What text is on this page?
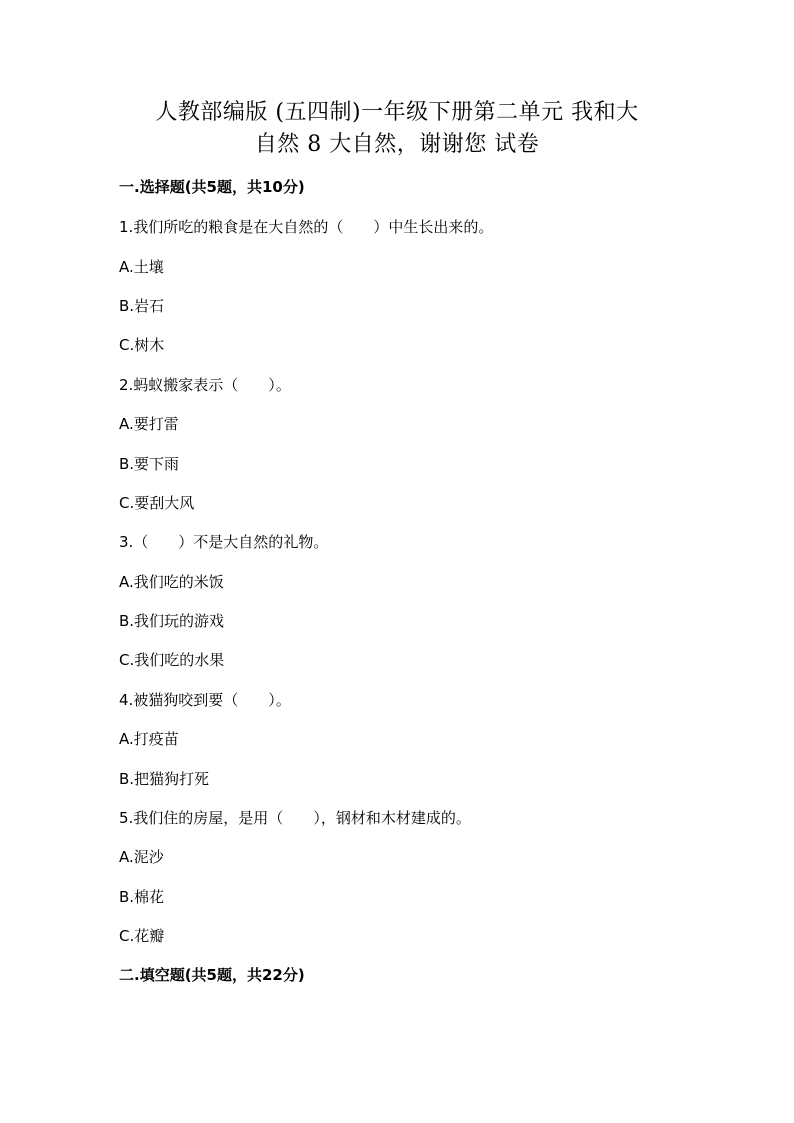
人教部编版 (五四制)一年级下册第二单元 我和大
自然 8 大自然，谢谢您 试卷
一.选择题(共5题，共10分)
1.我们所吃的粮食是在大自然的（　　）中生长出来的。
A.土壤
B.岩石
C.树木
2.蚂蚁搬家表示（　　）。
A.要打雷
B.要下雨
C.要刮大风
3.（　　）不是大自然的礼物。
A.我们吃的米饭
B.我们玩的游戏
C.我们吃的水果
4.被猫狗咬到要（　　）。
A.打疫苗
B.把猫狗打死
5.我们住的房屋，是用（　　），钢材和木材建成的。
A.泥沙
B.棉花
C.花瓣
二.填空题(共5题，共22分)
